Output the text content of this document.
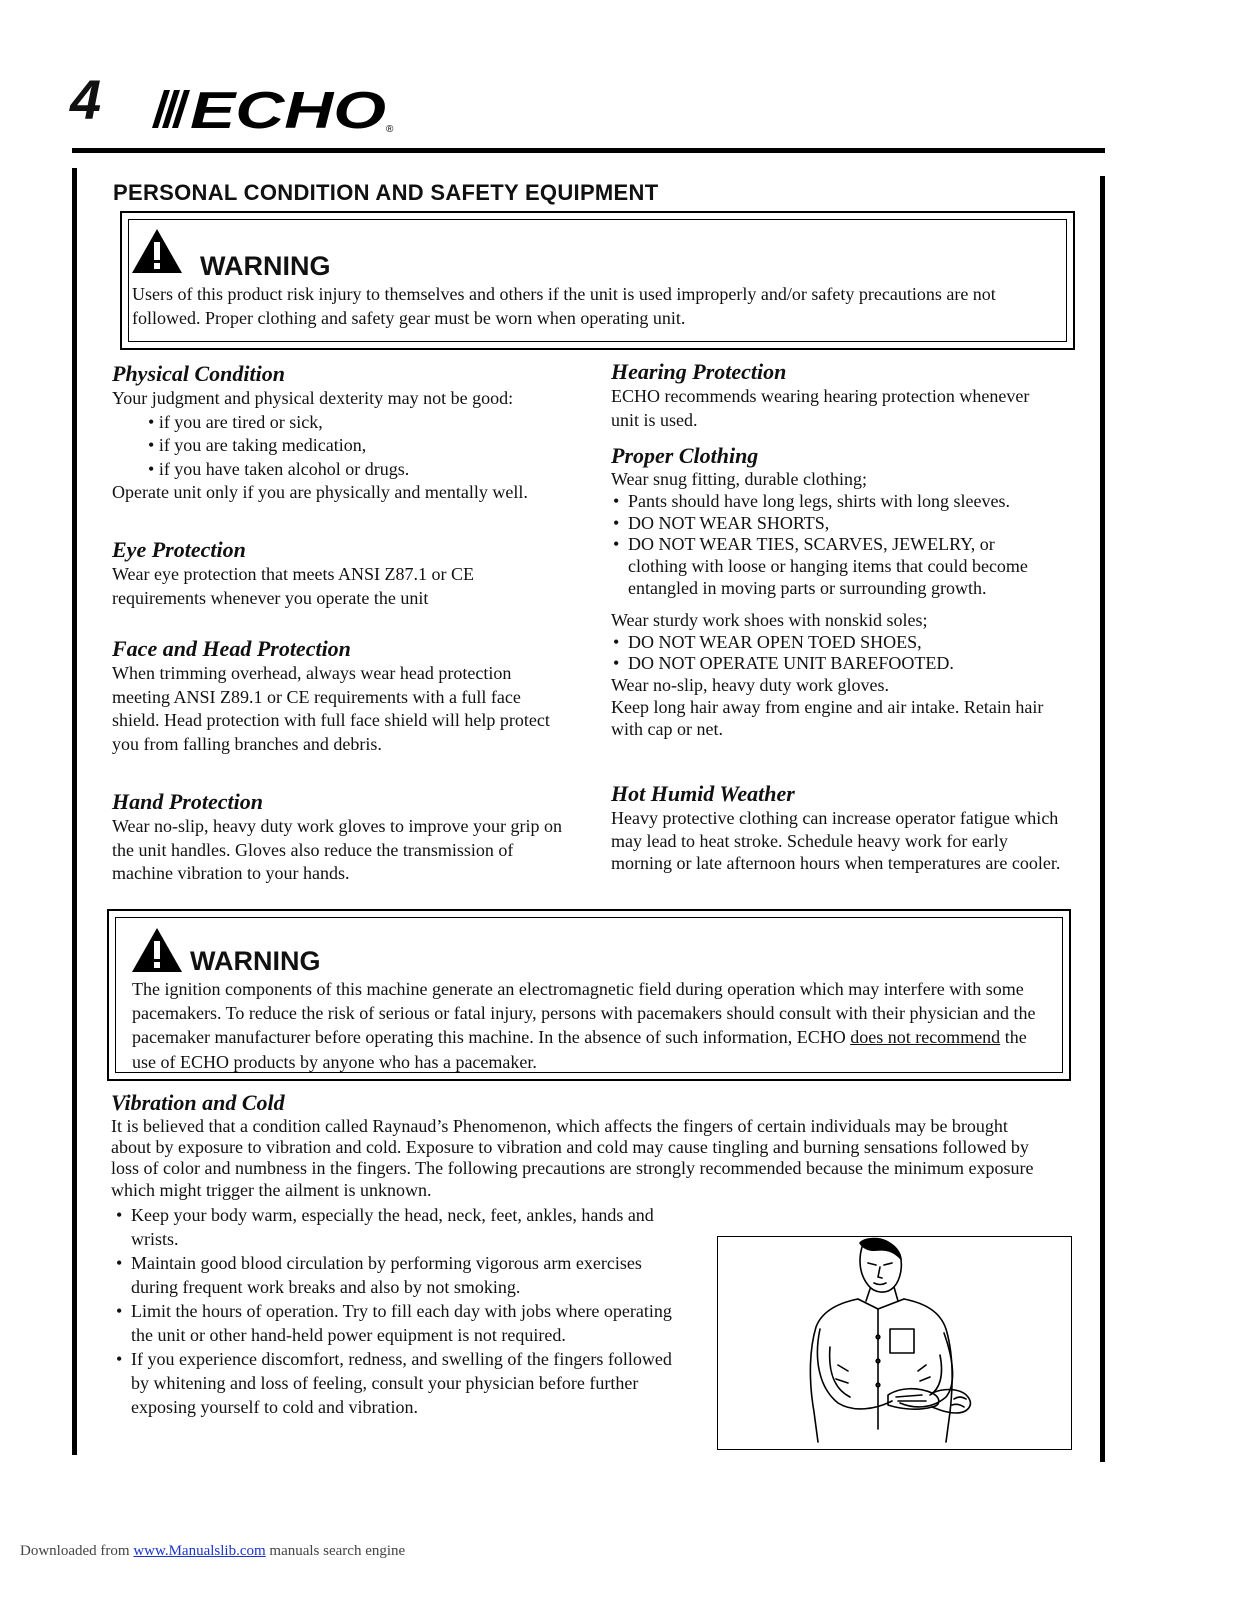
4 ECHO ®
PERSONAL CONDITION AND SAFETY EQUIPMENT
WARNING
Users of this product risk injury to themselves and others if the unit is used improperly and/or safety precautions are not followed. Proper clothing and safety gear must be worn when operating unit.
Physical Condition
Your judgment and physical dexterity may not be good:
• if you are tired or sick,
• if you are taking medication,
• if you have taken alcohol or drugs.
Operate unit only if you are physically and mentally well.
Eye Protection
Wear eye protection that meets ANSI Z87.1 or CE requirements whenever you operate the unit
Face and Head Protection
When trimming overhead, always wear head protection meeting ANSI Z89.1 or CE requirements with a full face shield. Head protection with full face shield will help protect you from falling branches and debris.
Hand Protection
Wear no-slip, heavy duty work gloves to improve your grip on the unit handles. Gloves also reduce the transmission of machine vibration to your hands.
Hearing Protection
ECHO recommends wearing hearing protection whenever unit is used.
Proper Clothing
Wear snug fitting, durable clothing;
• Pants should have long legs, shirts with long sleeves.
• DO NOT WEAR SHORTS,
• DO NOT WEAR TIES, SCARVES, JEWELRY, or clothing with loose or hanging items that could become entangled in moving parts or surrounding growth.
Wear sturdy work shoes with nonskid soles;
• DO NOT WEAR OPEN TOED SHOES,
• DO NOT OPERATE UNIT BAREFOOTED.
Wear no-slip, heavy duty work gloves.
Keep long hair away from engine and air intake. Retain hair with cap or net.
Hot Humid Weather
Heavy protective clothing can increase operator fatigue which may lead to heat stroke. Schedule heavy work for early morning or late afternoon hours when temperatures are cooler.
WARNING
The ignition components of this machine generate an electromagnetic field during operation which may interfere with some pacemakers. To reduce the risk of serious or fatal injury, persons with pacemakers should consult with their physician and the pacemaker manufacturer before operating this machine. In the absence of such information, ECHO does not recommend the use of ECHO products by anyone who has a pacemaker.
Vibration and Cold
It is believed that a condition called Raynaud’s Phenomenon, which affects the fingers of certain individuals may be brought about by exposure to vibration and cold. Exposure to vibration and cold may cause tingling and burning sensations followed by loss of color and numbness in the fingers. The following precautions are strongly recommended because the minimum exposure which might trigger the ailment is unknown.
• Keep your body warm, especially the head, neck, feet, ankles, hands and wrists.
• Maintain good blood circulation by performing vigorous arm exercises during frequent work breaks and also by not smoking.
• Limit the hours of operation. Try to fill each day with jobs where operating the unit or other hand-held power equipment is not required.
• If you experience discomfort, redness, and swelling of the fingers followed by whitening and loss of feeling, consult your physician before further exposing yourself to cold and vibration.
Downloaded from www.Manualslib.com manuals search engine
